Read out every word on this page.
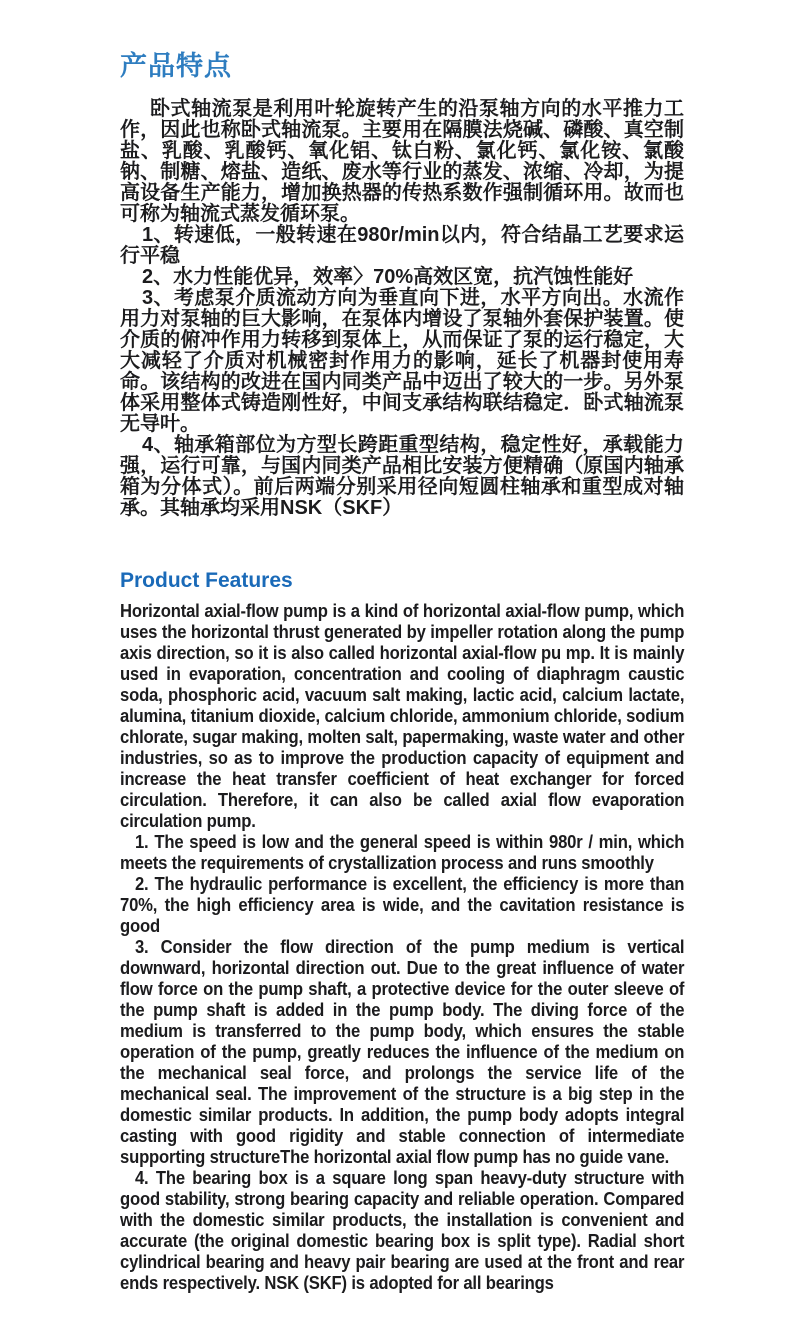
产品特点

卧式轴流泵是利用叶轮旋转产生的沿泵轴方向的水平推力工作，因此也称卧式轴流泵。主要用在隔膜法烧碱、磷酸、真空制盐、乳酸、乳酸钙、氧化铝、钛白粉、氯化钙、氯化铵、氯酸钠、制糖、熔盐、造纸、废水等行业的蒸发、浓缩、冷却，为提高设备生产能力，增加换热器的传热系数作强制循环用。故而也可称为轴流式蒸发循环泵。

1、转速低，一般转速在980r/min以内，符合结晶工艺要求运行平稳

2、水力性能优异，效率〉70%高效区宽，抗汽蚀性能好

3、考虑泵介质流动方向为垂直向下进，水平方向出。水流作用力对泵轴的巨大影响，在泵体内增设了泵轴外套保护装置。使介质的俯冲作用力转移到泵体上，从而保证了泵的运行稳定，大大减轻了介质对机械密封作用力的影响，延长了机器封使用寿命。该结构的改进在国内同类产品中迈出了较大的一步。另外泵体采用整体式铸造刚性好，中间支承结构联结稳定．卧式轴流泵无导叶。

4、轴承箱部位为方型长跨距重型结构，稳定性好，承载能力强，运行可靠，与国内同类产品相比安装方便精确（原国内轴承箱为分体式）。前后两端分别采用径向短圆柱轴承和重型成对轴承。其轴承均采用NSK（SKF）

Product Features

Horizontal axial-flow pump is a kind of horizontal axial-flow pump, which uses the horizontal thrust generated by impeller rotation along the pump axis direction, so it is also called horizontal axial-flow pu mp. It is mainly used in evaporation, concentration and cooling of diaphragm caustic soda, phosphoric acid, vacuum salt making, lactic acid, calcium lactate, alumina, titanium dioxide, calcium chloride, ammonium chloride, sodium chlorate, sugar making, molten salt, papermaking, waste water and other industries, so as to improve the production capacity of equipment and increase the heat transfer coefficient of heat exchanger for forced circulation. Therefore, it can also be called axial flow evaporation circulation pump.

1. The speed is low and the general speed is within 980r / min, which meets the requirements of crystallization process and runs smoothly

2. The hydraulic performance is excellent, the efficiency is more than 70%, the high efficiency area is wide, and the cavitation resistance is good

3. Consider the flow direction of the pump medium is vertical downward, horizontal direction out. Due to the great influence of water flow force on the pump shaft, a protective device for the outer sleeve of the pump shaft is added in the pump body. The diving force of the medium is transferred to the pump body, which ensures the stable operation of the pump, greatly reduces the influence of the medium on the mechanical seal force, and prolongs the service life of the mechanical seal. The improvement of the structure is a big step in the domestic similar products. In addition, the pump body adopts integral casting with good rigidity and stable connection of intermediate supporting structureThe horizontal axial flow pump has no guide vane.

4. The bearing box is a square long span heavy-duty structure with good stability, strong bearing capacity and reliable operation. Compared with the domestic similar products, the installation is convenient and accurate (the original domestic bearing box is split type). Radial short cylindrical bearing and heavy pair bearing are used at the front and rear ends respectively. NSK (SKF) is adopted for all bearings
